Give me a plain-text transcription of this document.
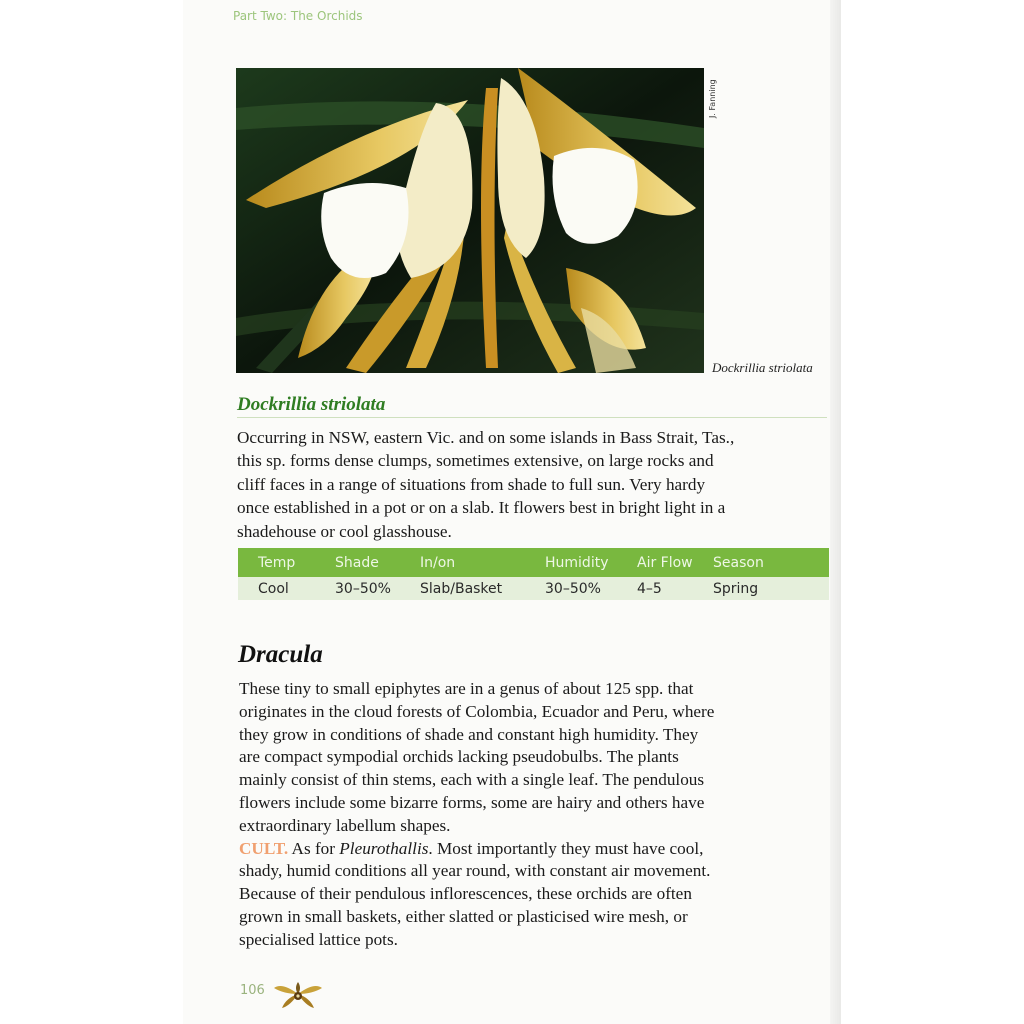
Part Two: The Orchids
J. Fanning
Dockrillia striolata
Dockrillia striolata
Occurring in NSW, eastern Vic. and on some islands in Bass Strait, Tas.,
this sp. forms dense clumps, sometimes extensive, on large rocks and
cliff faces in a range of situations from shade to full sun. Very hardy
once established in a pot or on a slab. It flowers best in bright light in a
shadehouse or cool glasshouse.
Temp	Shade	In/on	Humidity	Air Flow	Season
Cool	30–50%	Slab/Basket	30–50%	4–5	Spring
Dracula
These tiny to small epiphytes are in a genus of about 125 spp. that
originates in the cloud forests of Colombia, Ecuador and Peru, where
they grow in conditions of shade and constant high humidity. They
are compact sympodial orchids lacking pseudobulbs. The plants
mainly consist of thin stems, each with a single leaf. The pendulous
flowers include some bizarre forms, some are hairy and others have
extraordinary labellum shapes.
CULT. As for Pleurothallis. Most importantly they must have cool,
shady, humid conditions all year round, with constant air movement.
Because of their pendulous inflorescences, these orchids are often
grown in small baskets, either slatted or plasticised wire mesh, or
specialised lattice pots.
106
